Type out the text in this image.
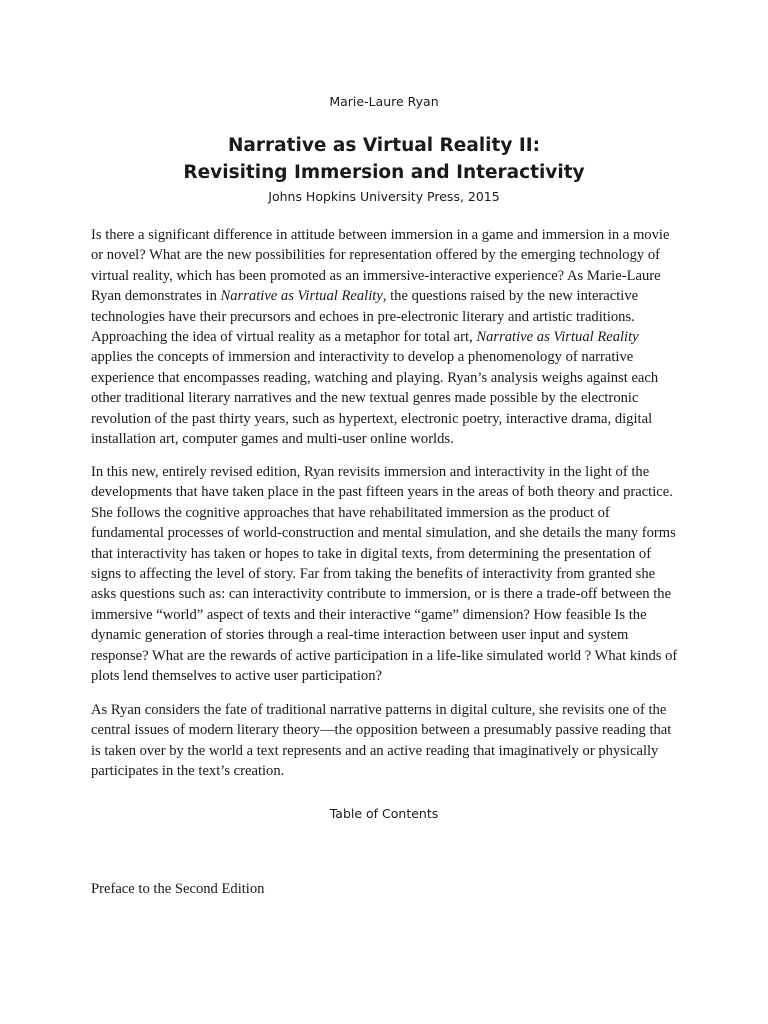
Marie-Laure Ryan
Narrative as Virtual Reality II:
Revisiting Immersion and Interactivity
Johns Hopkins University Press, 2015

Is there a significant difference in attitude between immersion in a game and immersion in a movie or novel? What are the new possibilities for representation offered by the emerging technology of virtual reality, which has been promoted as an immersive-interactive experience? As Marie-Laure Ryan demonstrates in Narrative as Virtual Reality, the questions raised by the new interactive technologies have their precursors and echoes in pre-electronic literary and artistic traditions. Approaching the idea of virtual reality as a metaphor for total art, Narrative as Virtual Reality applies the concepts of immersion and interactivity to develop a phenomenology of narrative experience that encompasses reading, watching and playing. Ryan’s analysis weighs against each other traditional literary narratives and the new textual genres made possible by the electronic revolution of the past thirty years, such as hypertext, electronic poetry, interactive drama, digital installation art, computer games and multi-user online worlds.

In this new, entirely revised edition, Ryan revisits immersion and interactivity in the light of the developments that have taken place in the past fifteen years in the areas of both theory and practice. She follows the cognitive approaches that have rehabilitated immersion as the product of fundamental processes of world-construction and mental simulation, and she details the many forms that interactivity has taken or hopes to take in digital texts, from determining the presentation of signs to affecting the level of story. Far from taking the benefits of interactivity from granted she asks questions such as: can interactivity contribute to immersion, or is there a trade-off between the immersive “world” aspect of texts and their interactive “game” dimension? How feasible Is the dynamic generation of stories through a real-time interaction between user input and system response? What are the rewards of active participation in a life-like simulated world ? What kinds of plots lend themselves to active user participation?

As Ryan considers the fate of traditional narrative patterns in digital culture, she revisits one of the central issues of modern literary theory—the opposition between a presumably passive reading that is taken over by the world a text represents and an active reading that imaginatively or physically participates in the text’s creation.

Table of Contents
Preface to the Second Edition
